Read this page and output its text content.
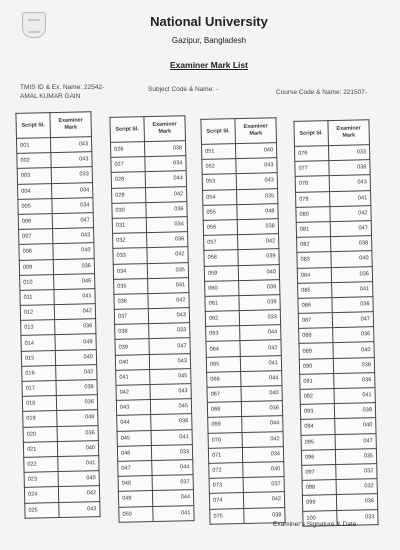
National University
Gazipur, Bangladesh
Examiner Mark List
TMIS ID & Ex. Name: 22542-
AMAL KUMAR GAIN
Subject Code & Name: -	Course Code & Name: 221507-
Script Sl.	Examiner Mark
001	043
002	043
003	033
004	034
005	034
006	047
007	043
008	040
009	036
010	046
011	041
012	042
013	036
014	049
015	040
016	042
017	039
018	036
019	048
020	036
021	040
022	041
023	040
024	042
025	043
Script Sl.	Examiner Mark
026	038
027	034
028	044
029	042
030	036
031	034
032	036
033	042
034	035
035	041
036	042
037	043
038	033
039	047
040	043
041	045
042	043
043	045
044	036
045	041
046	033
047	044
048	037
049	044
050	041
Script Sl.	Examiner Mark
051	040
052	043
053	043
054	035
055	048
056	038
057	042
058	039
059	040
060	039
061	039
062	033
063	044
064	042
065	041
066	044
067	040
068	036
069	044
070	042
071	034
072	040
073	037
074	042
075	039
Script Sl.	Examiner Mark
076	033
077	038
078	043
079	041
080	042
081	047
082	038
083	040
084	036
085	041
086	036
087	047
088	036
089	040
090	038
091	036
092	041
093	039
094	040
095	047
096	035
097	032
098	032
099	036
100	033
Examiner's Signature & Date
